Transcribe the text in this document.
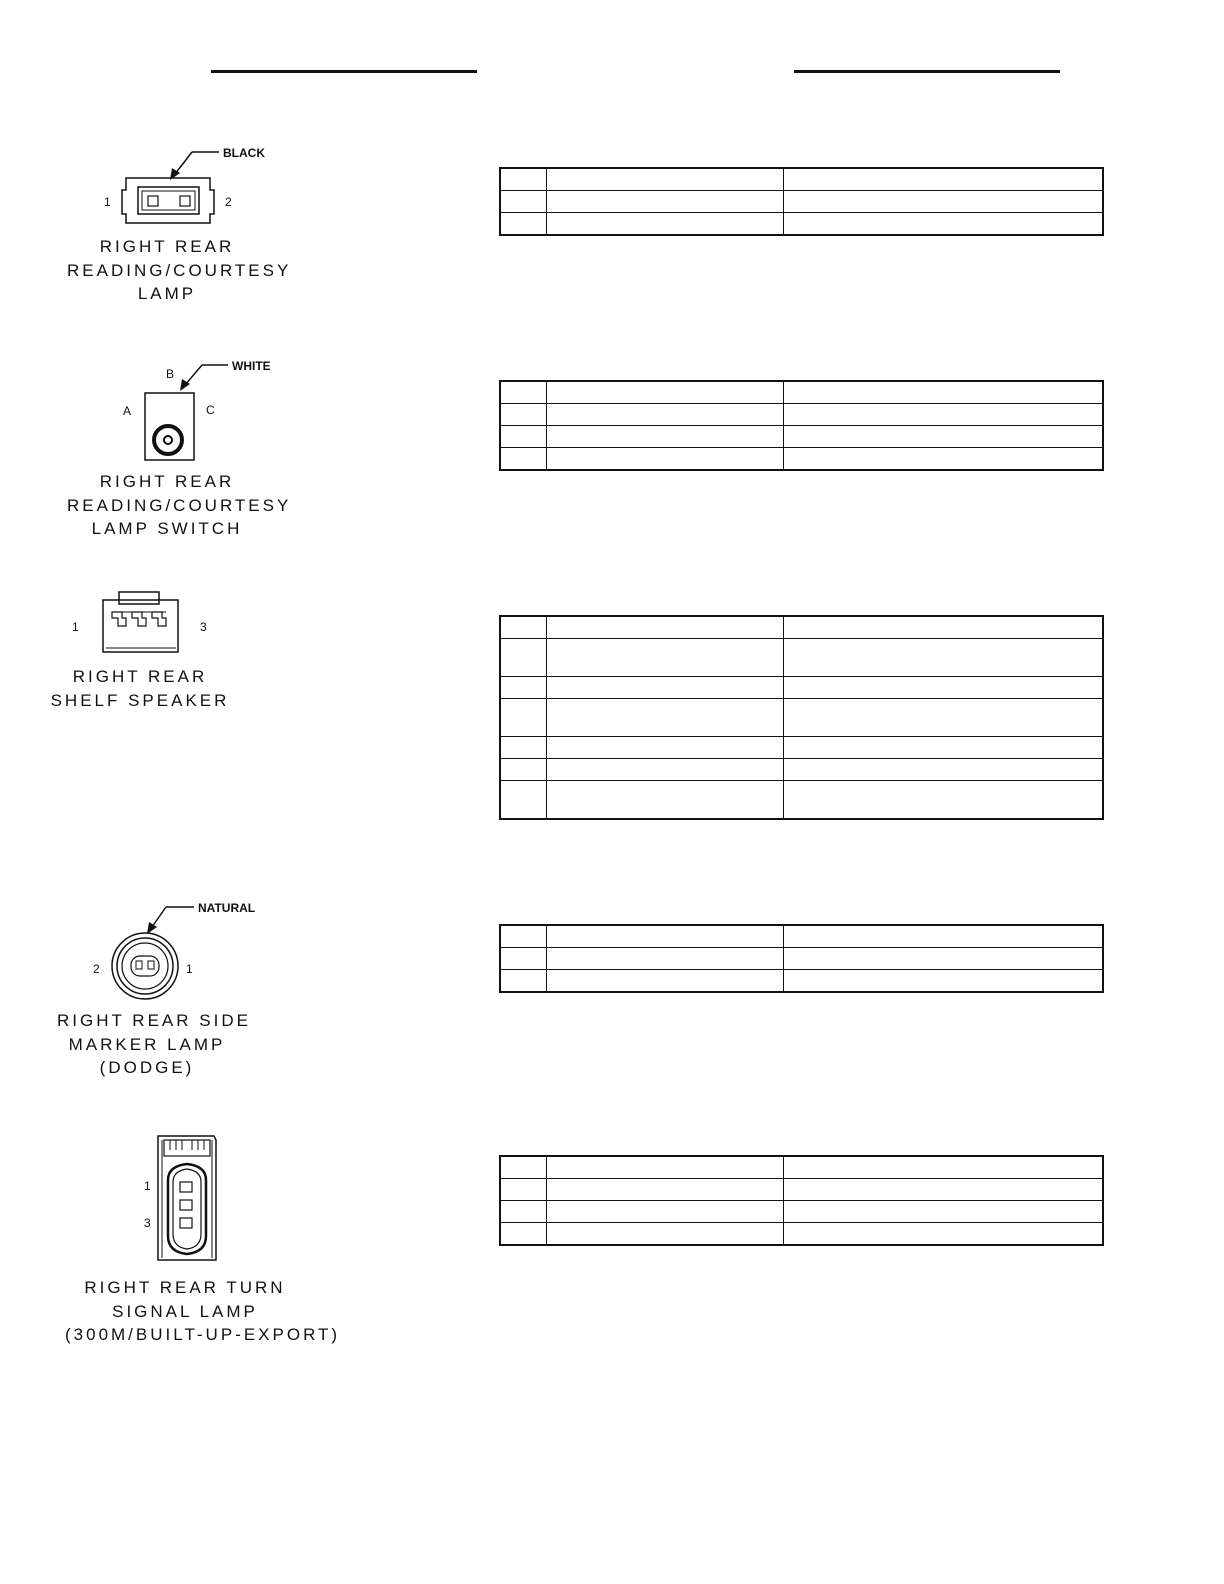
BLACK
1	2
RIGHT REAR
READING/COURTESY
LAMP

WHITE
A
B
C
RIGHT REAR
READING/COURTESY
LAMP SWITCH

1	3
RIGHT REAR
SHELF SPEAKER

NATURAL
2	1
RIGHT REAR SIDE
MARKER LAMP
(DODGE)

1
3
RIGHT REAR TURN
SIGNAL LAMP
(300M/BUILT-UP-EXPORT)
